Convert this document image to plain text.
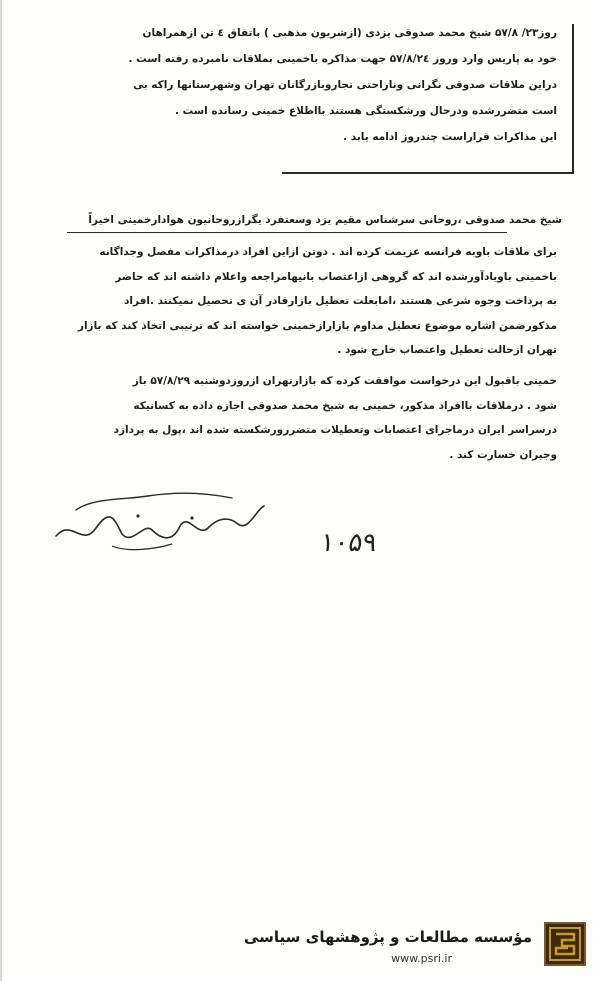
روز۲۳/ ۵۷/۸ شیخ محمد صدوقی یزدی (ازشریون مذهبی ) باتفاق ٤ تن ازهمراهان
خود به پاریس وارد وروز ۵۷/۸/۲٤ جهت مذاکره باخمینی بملاقات نامبرده رفته است .
دراین ملاقات صدوقی نگرانی وناراحتی تجاروبازرگانان تهران وشهرستانها راکه بی
است متضررشده ودرحال ورشکستگی هستند بااطلاع خمینی رسانده است .
این مذاکرات قراراست چندروز ادامه یابد .
شیخ محمد صدوقی ،روحانی سرشناس مقیم یزد وسعتفرد یگرازروحانیون هوادارخمینی اخیراً
برای ملاقات باوبه فرانسه عزیمت کرده اند . دوتن ازاین افراد درمذاکرات مفصل وجداگانه
باخمینی باویادآورشده اند که گروهی ازاعتصاب بانیهامراجعه واعلام داشته اند که حاضر
به پرداخت وجوه شرعی هستند ،امابعلت تعطیل بازارقادر آن ی تحصیل نمیکنند .افراد
مذکورضمن اشاره موضوع تعطیل مداوم بازارازخمینی خواسته اند که ترتیبی اتخاذ کند که بازار
تهران ازحالت تعطیل واعتصاب خارج شود .
خمینی باقبول این درخواست موافقت کرده که بازارتهران ازروزدوشنبه ۵۷/۸/۲۹ باز
شود . درملاقات باافراد مذکور، خمینی به شیخ محمد صدوقی اجازه داده به کسانیکه
درسراسر ایران درماجرای اعتصابات وتعطیلات متضررورشکسته شده اند ،پول به پردازد
وجبران خسارت کند .
۱۰۵۹
مؤسسه مطالعات و پژوهشهای سیاسی
www.psri.ir
